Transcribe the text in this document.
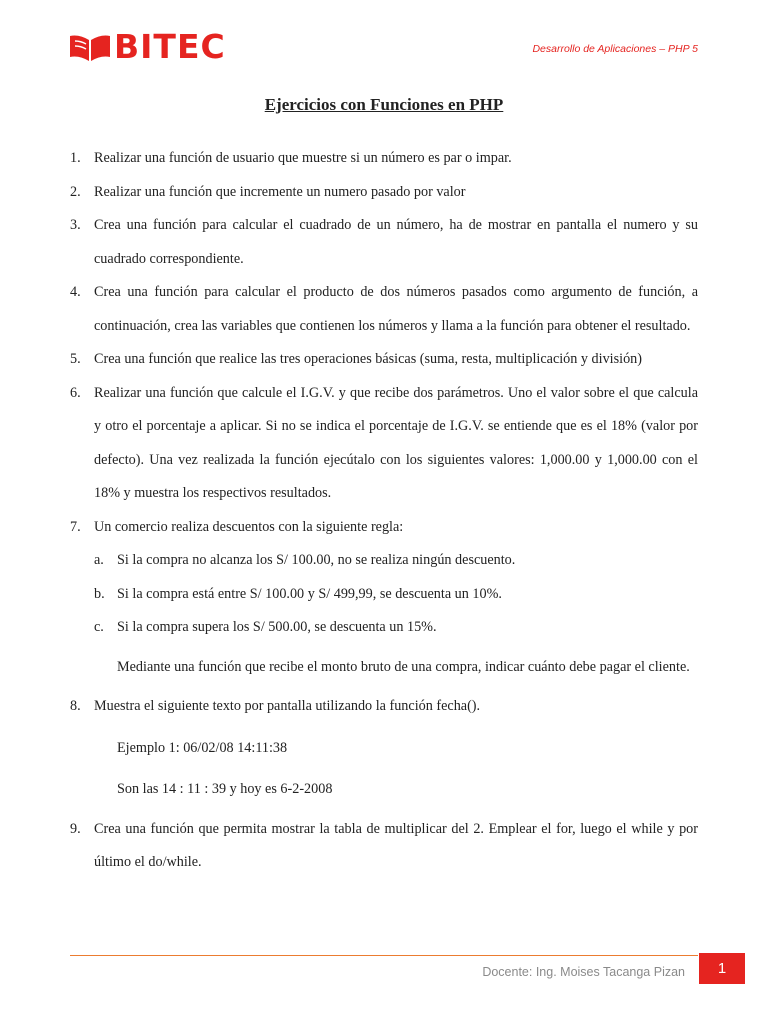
BITEC	Desarrollo de Aplicaciones – PHP 5
Ejercicios con Funciones en PHP
1. Realizar una función de usuario que muestre si un número es par o impar.
2. Realizar una función que incremente un numero pasado por valor
3. Crea una función para calcular el cuadrado de un número, ha de mostrar en pantalla el numero y su cuadrado correspondiente.
4. Crea una función para calcular el producto de dos números pasados como argumento de función, a continuación, crea las variables que contienen los números y llama a la función para obtener el resultado.
5. Crea una función que realice las tres operaciones básicas (suma, resta, multiplicación y división)
6. Realizar una función que calcule el I.G.V. y que recibe dos parámetros. Uno el valor sobre el que calcula y otro el porcentaje a aplicar. Si no se indica el porcentaje de I.G.V. se entiende que es el 18% (valor por defecto). Una vez realizada la función ejecútalo con los siguientes valores: 1,000.00 y 1,000.00 con el 18% y muestra los respectivos resultados.
7. Un comercio realiza descuentos con la siguiente regla:
a. Si la compra no alcanza los S/ 100.00, no se realiza ningún descuento.
b. Si la compra está entre S/ 100.00 y S/ 499,99, se descuenta un 10%.
c. Si la compra supera los S/ 500.00, se descuenta un 15%.
Mediante una función que recibe el monto bruto de una compra, indicar cuánto debe pagar el cliente.
8. Muestra el siguiente texto por pantalla utilizando la función fecha().
Ejemplo 1: 06/02/08 14:11:38
Son las 14 : 11 : 39 y hoy es 6-2-2008
9. Crea una función que permita mostrar la tabla de multiplicar del 2. Emplear el for, luego el while y por último el do/while.
Docente: Ing. Moises Tacanga Pizan 1
